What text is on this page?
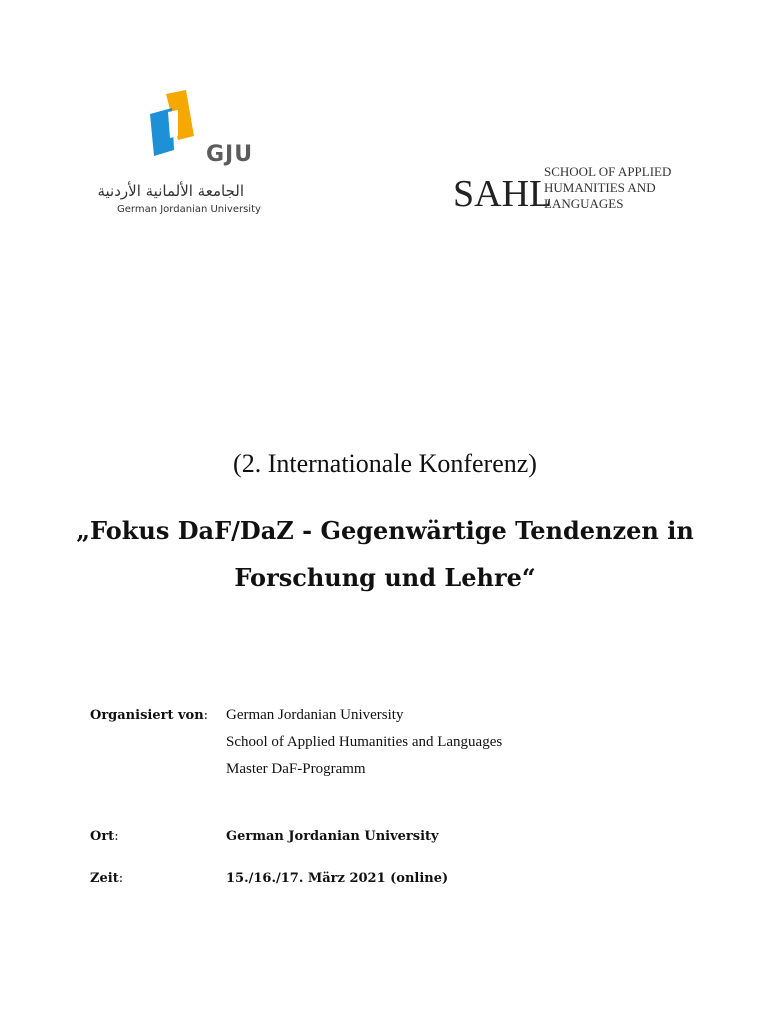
GJU
الجامعة الألمانية الأردنية
German Jordanian University	SAHL
SCHOOL OF APPLIED
HUMANITIES AND
LANGUAGES
(2. Internationale Konferenz)
„Fokus DaF/DaZ - Gegenwärtige Tendenzen in
Forschung und Lehre“
Organisiert von: German Jordanian University
School of Applied Humanities and Languages
Master DaF-Programm
Ort:	German Jordanian University
Zeit:	15./16./17. März 2021 (online)
